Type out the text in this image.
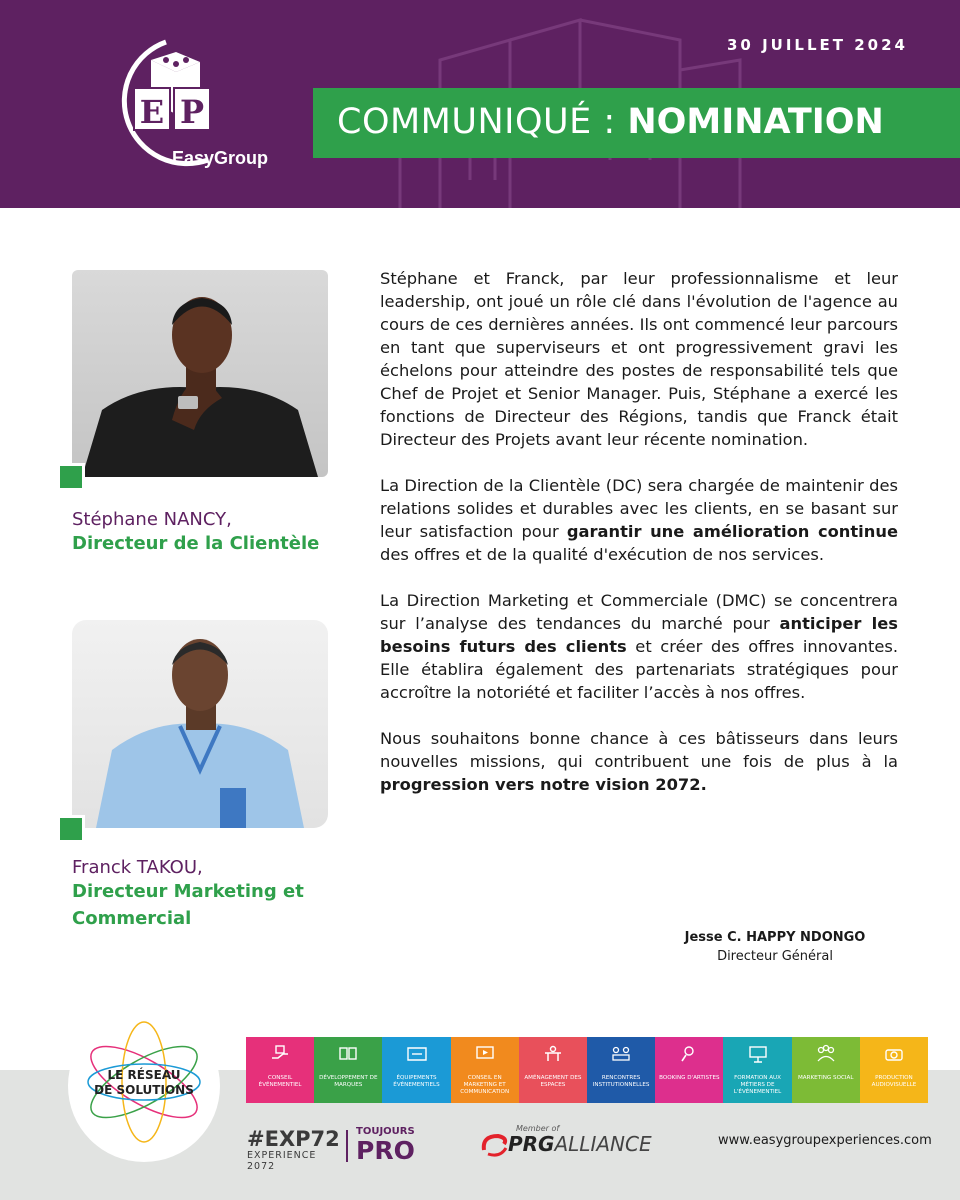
E P
EasyGroup
30 JUILLET 2024
COMMUNIQUÉ : NOMINATION
Stéphane NANCY,
Directeur de la Clientèle
Franck TAKOU,
Directeur Marketing et Commercial

Stéphane et Franck, par leur professionnalisme et leur leadership, ont joué un rôle clé dans l'évolution de l'agence au cours de ces dernières années. Ils ont commencé leur parcours en tant que superviseurs et ont progressivement gravi les échelons pour atteindre des postes de responsabilité tels que Chef de Projet et Senior Manager. Puis, Stéphane a exercé les fonctions de Directeur des Régions, tandis que Franck était Directeur des Projets avant leur récente nomination.

La Direction de la Clientèle (DC) sera chargée de maintenir des relations solides et durables avec les clients, en se basant sur leur satisfaction pour garantir une amélioration continue des offres et de la qualité d'exécution de nos services.

La Direction Marketing et Commerciale (DMC) se concentrera sur l’analyse des tendances du marché pour anticiper les besoins futurs des clients et créer des offres innovantes. Elle établira également des partenariats stratégiques pour accroître la notoriété et faciliter l’accès à nos offres.

Nous souhaitons bonne chance à ces bâtisseurs dans leurs nouvelles missions, qui contribuent une fois de plus à la progression vers notre vision 2072.

Jesse C. HAPPY NDONGO
Directeur Général
LE RÉSEAU
DE SOLUTIONS
CONSEIL ÉVÉNEMENTIEL
DÉVELOPPEMENT DE MARQUES
ÉQUIPEMENTS ÉVÉNEMENTIELS
CONSEIL EN MARKETING ET COMMUNICATION
AMÉNAGEMENT DES ESPACES
RENCONTRES INSTITUTIONNELLES
BOOKING D'ARTISTES	FORMATION AUX MÉTIERS DE L'ÉVÉNEMENTIEL
MARKETING SOCIAL	PRODUCTION AUDIOVISUELLE
#EXP72
EXPERIENCE 2072
TOUJOURS
PRO
Member of
PRGALLIANCE	www.easygroupexperiences.com
